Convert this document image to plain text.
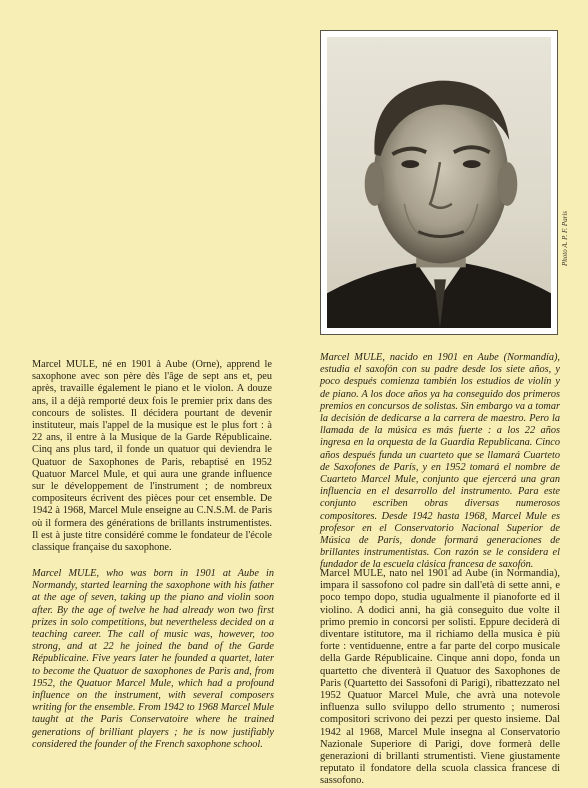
Photo A. P. F. Paris

Marcel MULE, né en 1901 à Aube (Orne), apprend le saxophone avec son père dès l'âge de sept ans et, peu après, travaille également le piano et le violon. A douze ans, il a déjà remporté deux fois le premier prix dans des concours de solistes. Il décidera pourtant de devenir instituteur, mais l'appel de la musique est le plus fort : à 22 ans, il entre à la Musique de la Garde Républicaine. Cinq ans plus tard, il fonde un quatuor qui deviendra le Quatuor de Saxophones de Paris, rebaptisé en 1952 Quatuor Marcel Mule, et qui aura une grande influence sur le développement de l'instrument ; de nombreux compositeurs écrivent des pièces pour cet ensemble. De 1942 à 1968, Marcel Mule enseigne au C.N.S.M. de Paris où il formera des générations de brillants instrumentistes. Il est à juste titre considéré comme le fondateur de l'école classique française du saxophone.

Marcel MULE, nacido en 1901 en Aube (Normandía), estudia el saxofón con su padre desde los siete años, y poco después comienza también los estudios de violín y de piano. A los doce años ya ha conseguido dos primeros premios en concursos de solistas. Sin embargo va a tomar la decisión de dedicarse a la carrera de maestro. Pero la llamada de la música es más fuerte : a los 22 años ingresa en la orquesta de la Guardia Republicana. Cinco años después funda un cuarteto que se llamará Cuarteto de Saxofones de París, y en 1952 tomará el nombre de Cuarteto Marcel Mule, conjunto que ejercerá una gran influencia en el desarrollo del instrumento. Para este conjunto escriben obras diversas numerosos compositores. Desde 1942 hasta 1968, Marcel Mule es profesor en el Conservatorio Nacional Superior de Música de París, donde formará generaciones de brillantes instrumentistas. Con razón se le considera el fundador de la escuela clásica francesa de saxofón.

Marcel MULE, who was born in 1901 at Aube in Normandy, started learning the saxophone with his father at the age of seven, taking up the piano and violin soon after. By the age of twelve he had already won two first prizes in solo competitions, but nevertheless decided on a teaching career. The call of music was, however, too strong, and at 22 he joined the band of the Garde Républicaine. Five years later he founded a quartet, later to become the Quatuor de saxophones de Paris and, from 1952, the Quatuor Marcel Mule, which had a profound influence on the instrument, with several composers writing for the ensemble. From 1942 to 1968 Marcel Mule taught at the Paris Conservatoire where he trained generations of brilliant players ; he is now justifiably considered the founder of the French saxophone school.

Marcel MULE, nato nel 1901 ad Aube (in Normandia), impara il sassofono col padre sin dall'età di sette anni, e poco tempo dopo, studia ugualmente il pianoforte ed il violino. A dodici anni, ha già conseguito due volte il primo premio in concorsi per solisti. Eppure deciderà di diventare istitutore, ma il richiamo della musica è più forte : ventiduenne, entre a far parte del corpo musicale della Garde Républicaine. Cinque anni dopo, fonda un quartetto che diventerà il Quatuor des Saxophones de Paris (Quartetto dei Sassofoni di Parigi), ribattezzato nel 1952 Quatuor Marcel Mule, che avrà una notevole influenza sullo sviluppo dello strumento ; numerosi compositori scrivono dei pezzi per questo insieme. Dal 1942 al 1968, Marcel Mule insegna al Conservatorio Nazionale Superiore di Parigi, dove formerà delle generazioni di brillanti strumentisti. Viene giustamente reputato il fondatore della scuola classica francese di sassofono.
